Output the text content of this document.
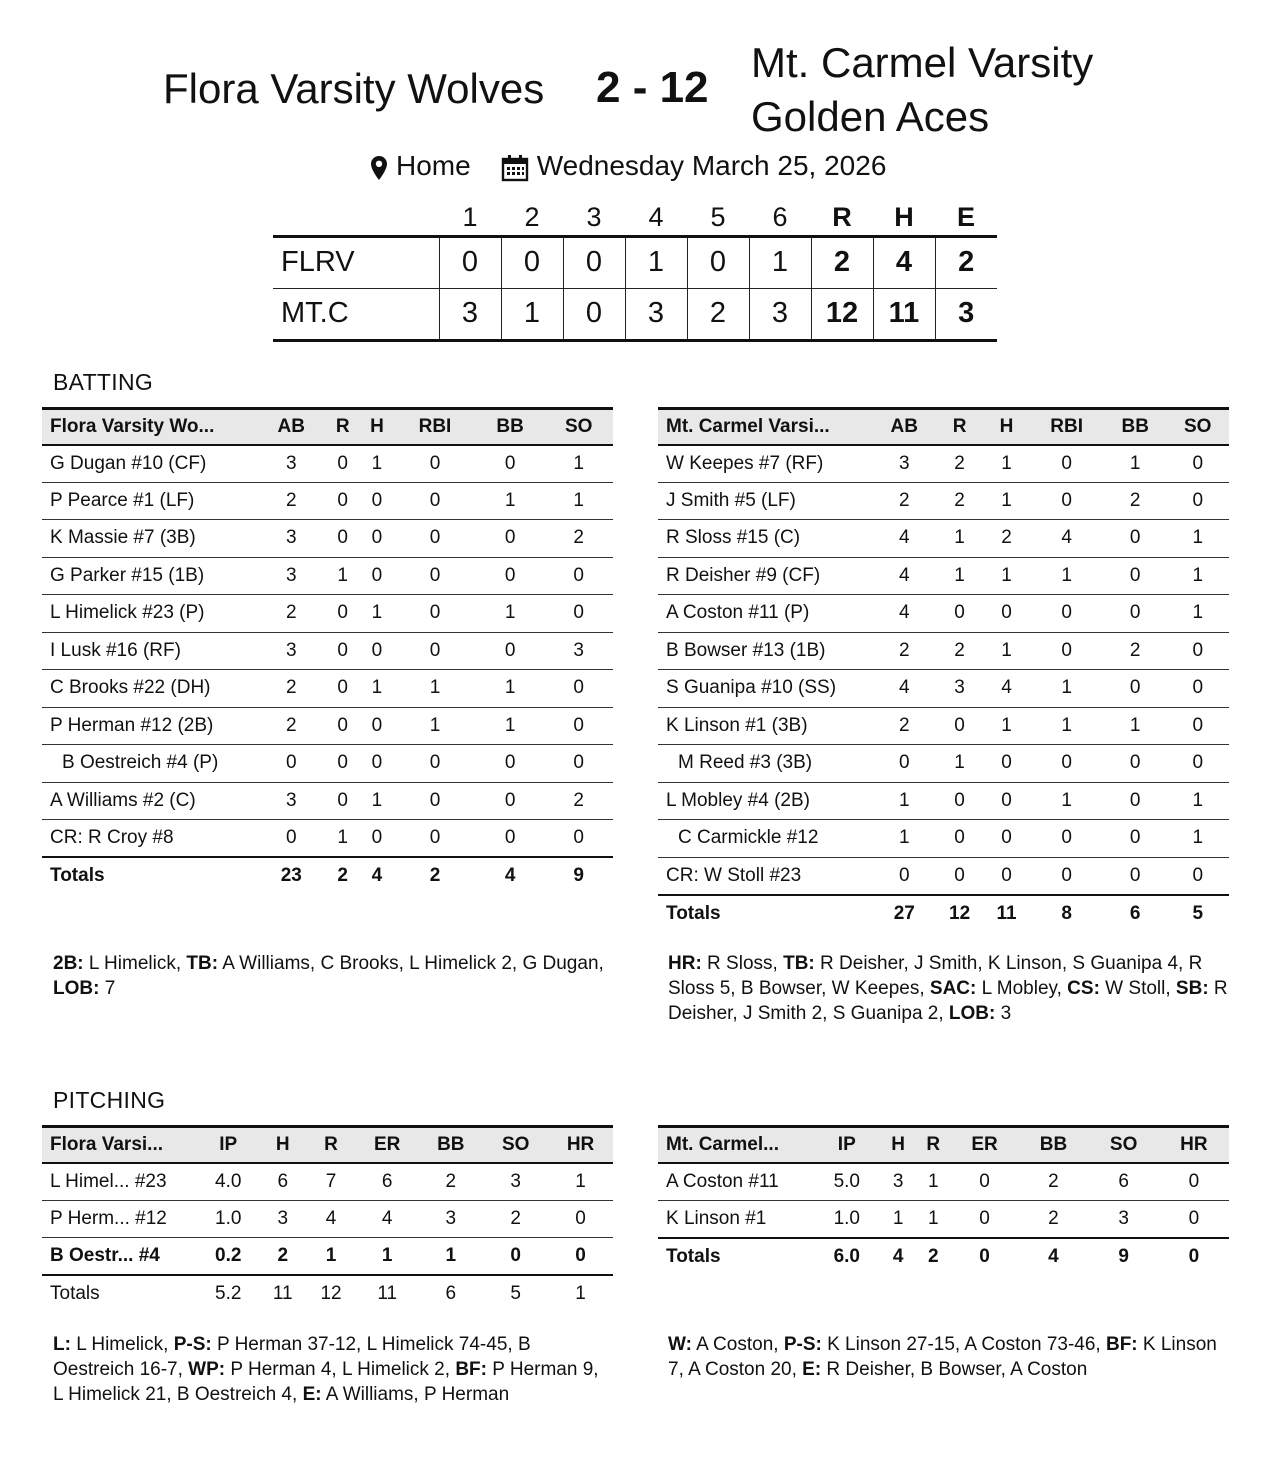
Flora Varsity Wolves 2 - 12
Mt. Carmel Varsity Golden Aces
Home Wednesday March 25, 2026
	1	2	3	4	5	6	R	H	E
FLRV	0	0	0	1	0	1	2	4	2
MT.C	3	1	0	3	2	3	12	11	3
BATTING
Flora Varsity Wo...	AB	R	H	RBI	BB	SO
G Dugan #10 (CF)	3	0	1	0	0	1
P Pearce #1 (LF)	2	0	0	0	1	1
K Massie #7 (3B)	3	0	0	0	0	2
G Parker #15 (1B)	3	1	0	0	0	0
L Himelick #23 (P)	2	0	1	0	1	0
I Lusk #16 (RF)	3	0	0	0	0	3
C Brooks #22 (DH)	2	0	1	1	1	0
P Herman #12 (2B)	2	0	0	1	1	0
B Oestreich #4 (P)	0	0	0	0	0	0
A Williams #2 (C)	3	0	1	0	0	2
CR: R Croy #8	0	1	0	0	0	0
Totals	23	2	4	2	4	9
Mt. Carmel Varsi...	AB	R	H	RBI	BB	SO
W Keepes #7 (RF)	3	2	1	0	1	0
J Smith #5 (LF)	2	2	1	0	2	0
R Sloss #15 (C)	4	1	2	4	0	1
R Deisher #9 (CF)	4	1	1	1	0	1
A Coston #11 (P)	4	0	0	0	0	1
B Bowser #13 (1B)	2	2	1	0	2	0
S Guanipa #10 (SS)	4	3	4	1	0	0
K Linson #1 (3B)	2	0	1	1	1	0
M Reed #3 (3B)	0	1	0	0	0	0
L Mobley #4 (2B)	1	0	0	1	0	1
C Carmickle #12	1	0	0	0	0	1
CR: W Stoll #23	0	0	0	0	0	0
Totals	27	12	11	8	6	5
2B: L Himelick, TB: A Williams, C Brooks, L Himelick 2, G Dugan, LOB: 7
HR: R Sloss, TB: R Deisher, J Smith, K Linson, S Guanipa 4, R Sloss 5, B Bowser, W Keepes, SAC: L Mobley, CS: W Stoll, SB: R Deisher, J Smith 2, S Guanipa 2, LOB: 3
PITCHING
Flora Varsi...	IP	H	R	ER	BB	SO	HR
L Himel... #23	4.0	6	7	6	2	3	1
P Herm... #12	1.0	3	4	4	3	2	0
B Oestr... #4	0.2	2	1	1	1	0	0
Totals	5.2	11	12	11	6	5	1
Mt. Carmel...	IP	H	R	ER	BB	SO	HR
A Coston #11	5.0	3	1	0	2	6	0
K Linson #1	1.0	1	1	0	2	3	0
Totals	6.0	4	2	0	4	9	0
L: L Himelick, P-S: P Herman 37-12, L Himelick 74-45, B Oestreich 16-7, WP: P Herman 4, L Himelick 2, BF: P Herman 9, L Himelick 21, B Oestreich 4, E: A Williams, P Herman
W: A Coston, P-S: K Linson 27-15, A Coston 73-46, BF: K Linson 7, A Coston 20, E: R Deisher, B Bowser, A Coston
